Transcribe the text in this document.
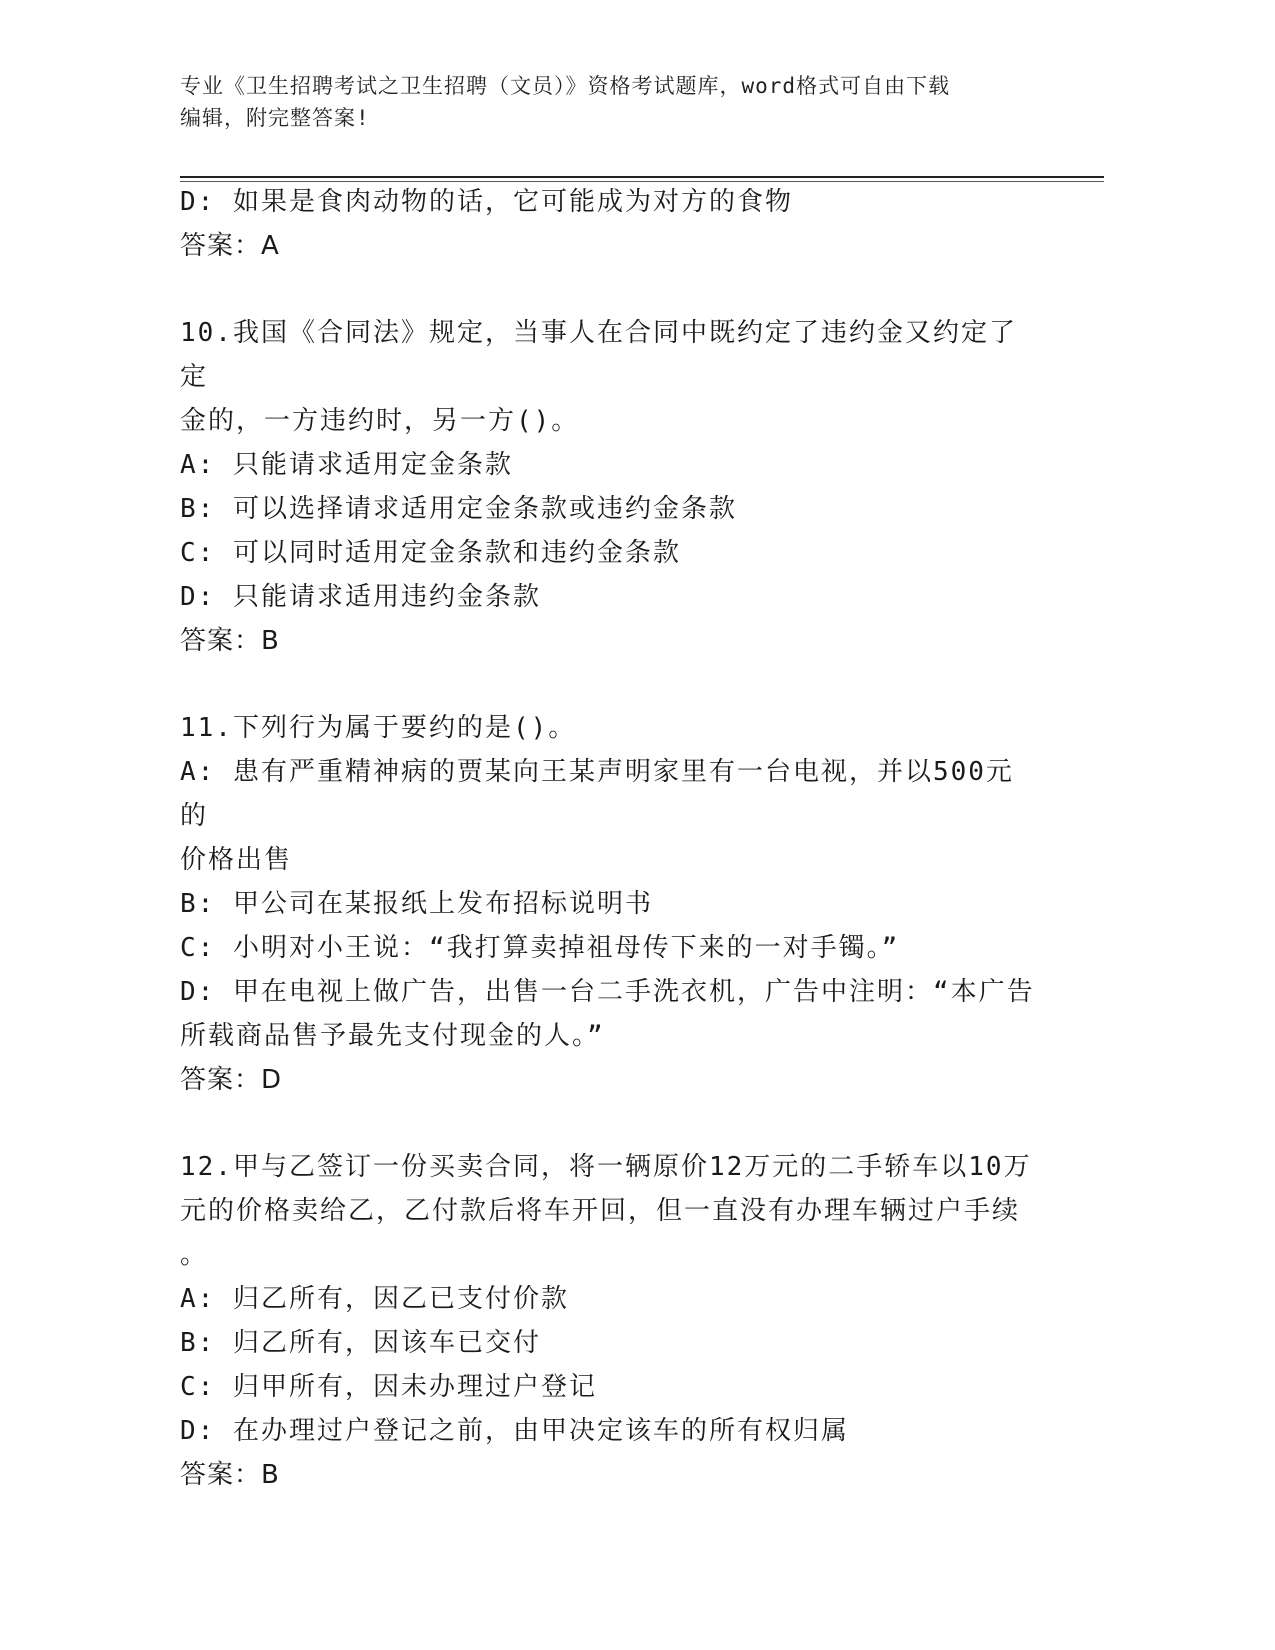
专业《卫生招聘考试之卫生招聘（文员）》资格考试题库，word格式可自由下载
编辑，附完整答案!

D: 如果是食肉动物的话，它可能成为对方的食物

答案：A

10.我国《合同法》规定，当事人在合同中既约定了违约金又约定了定

金的，一方违约时，另一方()。

A: 只能请求适用定金条款

B: 可以选择请求适用定金条款或违约金条款

C: 可以同时适用定金条款和违约金条款

D: 只能请求适用违约金条款

答案：B

11.下列行为属于要约的是()。

A: 患有严重精神病的贾某向王某声明家里有一台电视，并以500元的

价格出售

B: 甲公司在某报纸上发布招标说明书

C: 小明对小王说：“我打算卖掉祖母传下来的一对手镯。”

D: 甲在电视上做广告，出售一台二手洗衣机，广告中注明：“本广告

所载商品售予最先支付现金的人。”

答案：D

12.甲与乙签订一份买卖合同，将一辆原价12万元的二手轿车以10万

元的价格卖给乙，乙付款后将车开回，但一直没有办理车辆过户手续

。

A: 归乙所有，因乙已支付价款

B: 归乙所有，因该车已交付

C: 归甲所有，因未办理过户登记

D: 在办理过户登记之前，由甲决定该车的所有权归属

答案：B
